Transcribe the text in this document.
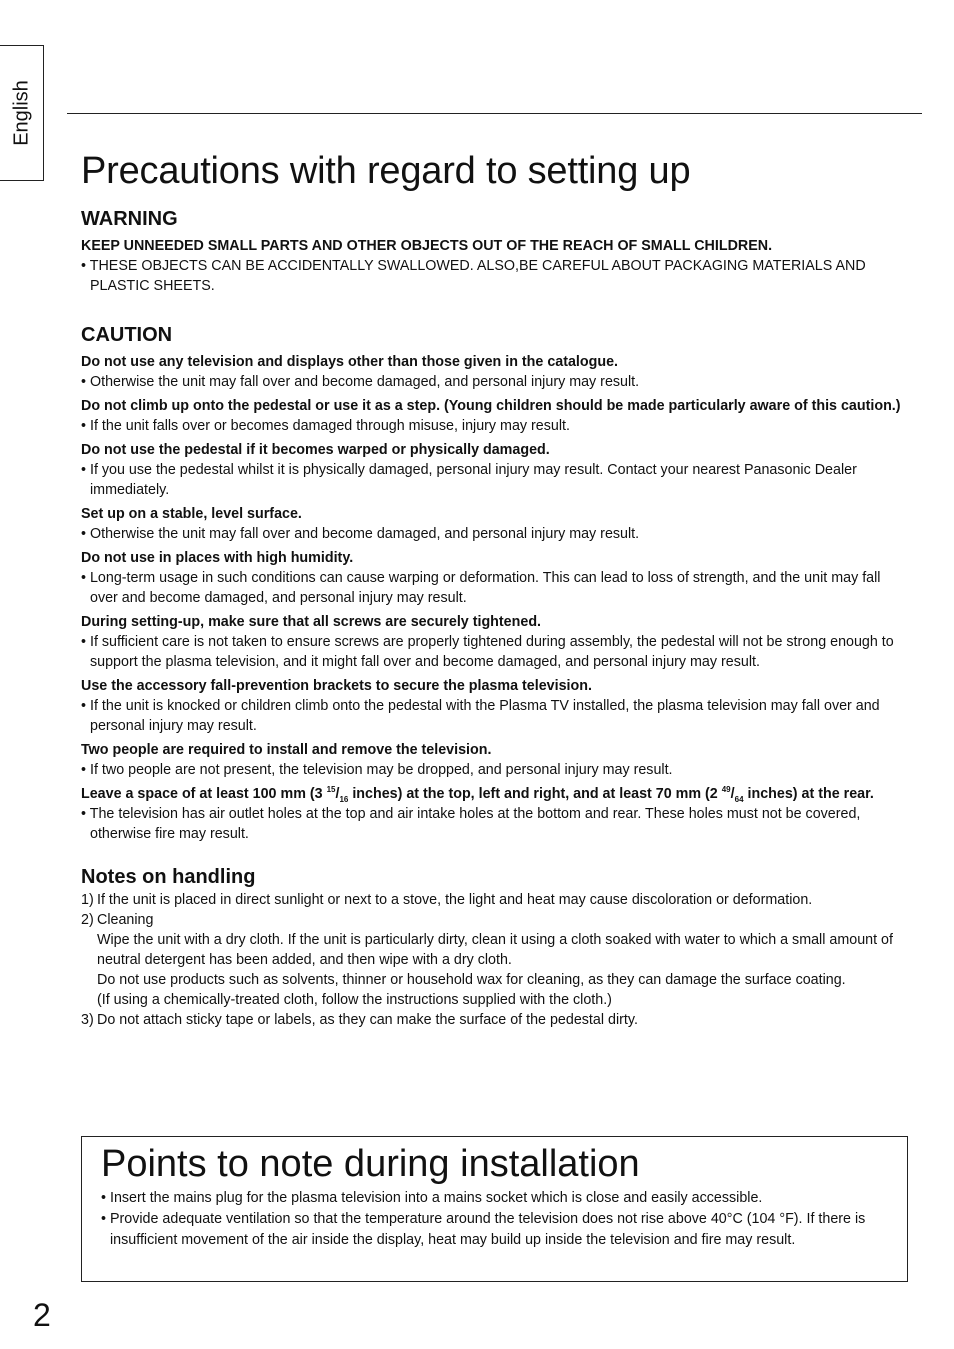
English
Precautions with regard to setting up
WARNING

KEEP UNNEEDED SMALL PARTS AND OTHER OBJECTS OUT OF THE REACH OF SMALL CHILDREN.

• THESE OBJECTS CAN BE ACCIDENTALLY SWALLOWED. ALSO,BE CAREFUL ABOUT PACKAGING MATERIALS AND PLASTIC SHEETS.

CAUTION

Do not use any television and displays other than those given in the catalogue.

• Otherwise the unit may fall over and become damaged, and personal injury may result.

Do not climb up onto the pedestal or use it as a step. (Young children should be made particularly aware of this caution.)

• If the unit falls over or becomes damaged through misuse, injury may result.

Do not use the pedestal if it becomes warped or physically damaged.

• If you use the pedestal whilst it is physically damaged, personal injury may result. Contact your nearest Panasonic Dealer immediately.

Set up on a stable, level surface.

• Otherwise the unit may fall over and become damaged, and personal injury may result.

Do not use in places with high humidity.

• Long-term usage in such conditions can cause warping or deformation. This can lead to loss of strength, and the unit may fall over and become damaged, and personal injury may result.

During setting-up, make sure that all screws are securely tightened.

• If sufficient care is not taken to ensure screws are properly tightened during assembly, the pedestal will not be strong enough to support the plasma television, and it might fall over and become damaged, and personal injury may result.

Use the accessory fall-prevention brackets to secure the plasma television.

• If the unit is knocked or children climb onto the pedestal with the Plasma TV installed, the plasma television may fall over and personal injury may result.

Two people are required to install and remove the television.

• If two people are not present, the television may be dropped, and personal injury may result.

Leave a space of at least 100 mm (3 $^{15}/_{16}$ inches) at the top, left and right, and at least 70 mm (2 $^{49}/_{64}$ inches) at the rear.

• The television has air outlet holes at the top and air intake holes at the bottom and rear. These holes must not be covered, otherwise fire may result.

Notes on handling
1) If the unit is placed in direct sunlight or next to a stove, the light and heat may cause discoloration or deformation.
2) Cleaning

Wipe the unit with a dry cloth. If the unit is particularly dirty, clean it using a cloth soaked with water to which a small amount of neutral detergent has been added, and then wipe with a dry cloth.

Do not use products such as solvents, thinner or household wax for cleaning, as they can damage the surface coating.

(If using a chemically-treated cloth, follow the instructions supplied with the cloth.)

3) Do not attach sticky tape or labels, as they can make the surface of the pedestal dirty.
Points to note during installation

• Insert the mains plug for the plasma television into a mains socket which is close and easily accessible.

• Provide adequate ventilation so that the temperature around the television does not rise above 40°C (104 °F). If there is insufficient movement of the air inside the display, heat may build up inside the television and fire may result.

2
